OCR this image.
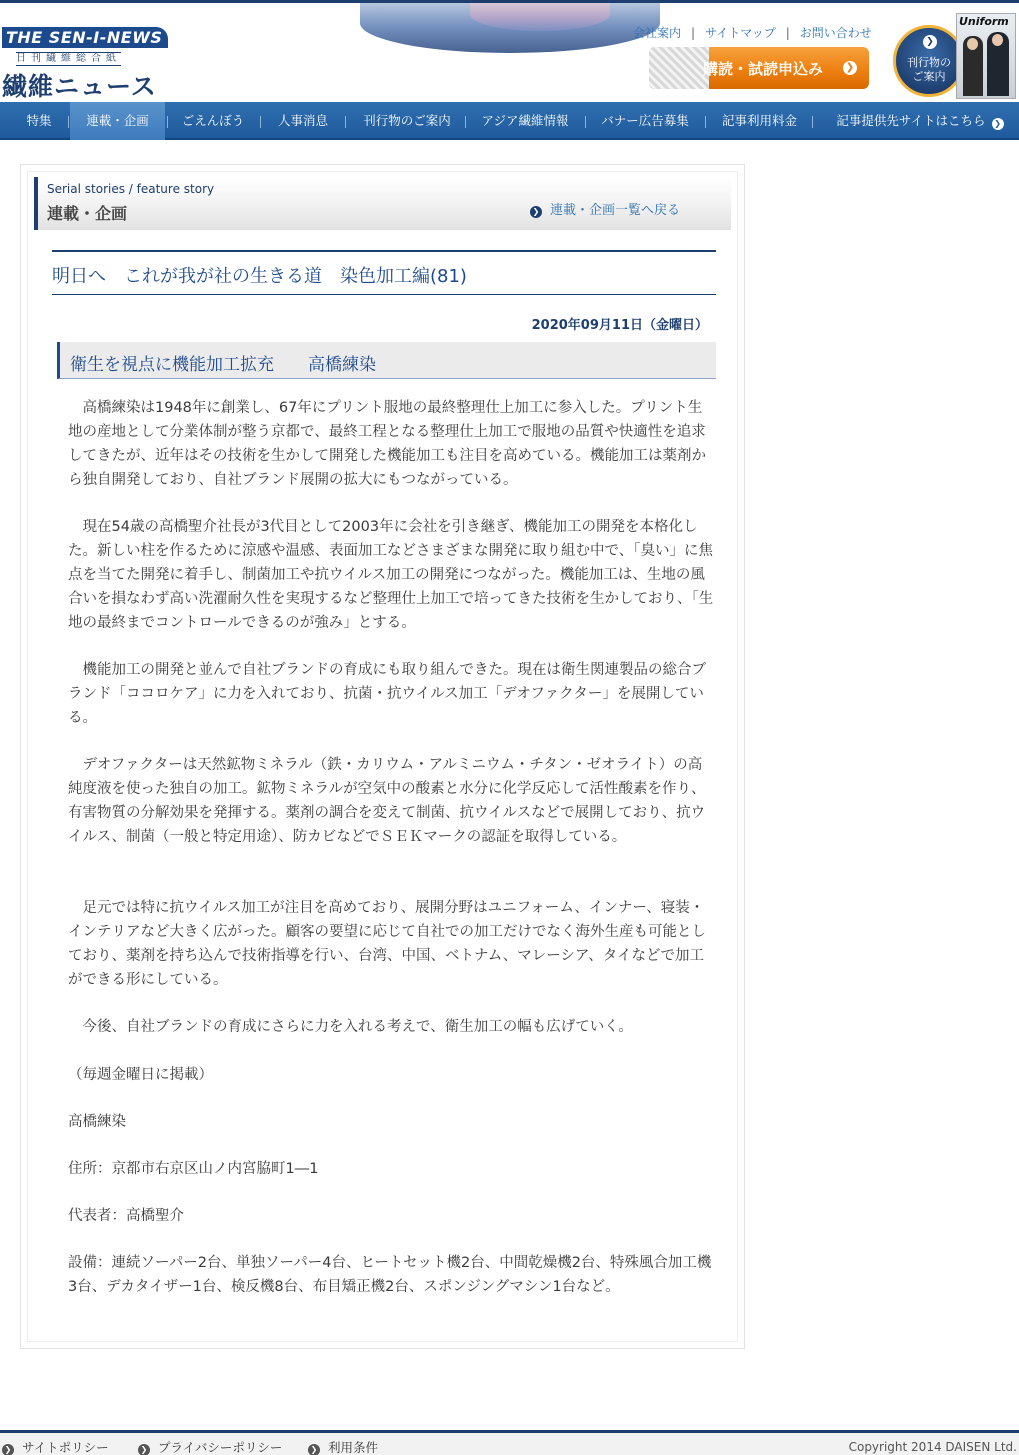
THE SEN-I-NEWS
日刊繊維総合紙
繊維ニュース
会社案内 | サイトマップ | お問い合わせ
購読・試読申込み ❯
❯
刊行物の
ご案内
Uniform
特集	連載・企画	ごえんぼう	人事消息	刊行物のご案内	アジア繊維情報	バナー広告募集	記事利用料金	記事提供先サイトはこちら ❯
Serial stories / feature story
連載・企画	❯ 連載・企画一覧へ戻る
明日へ　これが我が社の生きる道　染色加工編(81)
2020年09月11日（金曜日）
衛生を視点に機能加工拡充　　高橋練染

高橋練染は1948年に創業し、67年にプリント服地の最終整理仕上加工に参入した。プリント生地の産地として分業体制が整う京都で、最終工程となる整理仕上加工で服地の品質や快適性を追求してきたが、近年はその技術を生かして開発した機能加工も注目を高めている。機能加工は薬剤から独自開発しており、自社ブランド展開の拡大にもつながっている。

現在54歳の高橋聖介社長が3代目として2003年に会社を引き継ぎ、機能加工の開発を本格化した。新しい柱を作るために涼感や温感、表面加工などさまざまな開発に取り組む中で、「臭い」に焦点を当てた開発に着手し、制菌加工や抗ウイルス加工の開発につながった。機能加工は、生地の風合いを損なわず高い洗濯耐久性を実現するなど整理仕上加工で培ってきた技術を生かしており、「生地の最終までコントロールできるのが強み」とする。

機能加工の開発と並んで自社ブランドの育成にも取り組んできた。現在は衛生関連製品の総合ブランド「ココロケア」に力を入れており、抗菌・抗ウイルス加工「デオファクター」を展開している。

デオファクターは天然鉱物ミネラル（鉄・カリウム・アルミニウム・チタン・ゼオライト）の高純度液を使った独自の加工。鉱物ミネラルが空気中の酸素と水分に化学反応して活性酸素を作り、有害物質の分解効果を発揮する。薬剤の調合を変えて制菌、抗ウイルスなどで展開しており、抗ウイルス、制菌（一般と特定用途）、防カビなどでＳＥＫマークの認証を取得している。

足元では特に抗ウイルス加工が注目を高めており、展開分野はユニフォーム、インナー、寝装・インテリアなど大きく広がった。顧客の要望に応じて自社での加工だけでなく海外生産も可能としており、薬剤を持ち込んで技術指導を行い、台湾、中国、ベトナム、マレーシア、タイなどで加工ができる形にしている。

今後、自社ブランドの育成にさらに力を入れる考えで、衛生加工の幅も広げていく。

（毎週金曜日に掲載）

高橋練染

住所：京都市右京区山ノ内宮脇町1―1

代表者：高橋聖介

設備：連続ソーパー2台、単独ソーパー4台、ヒートセット機2台、中間乾燥機2台、特殊風合加工機3台、デカタイザー1台、検反機8台、布目矯正機2台、スポンジングマシン1台など。

❯ サイトポリシー	❯ プライバシーポリシー	❯ 利用条件	Copyright 2014 DAISEN Ltd.
